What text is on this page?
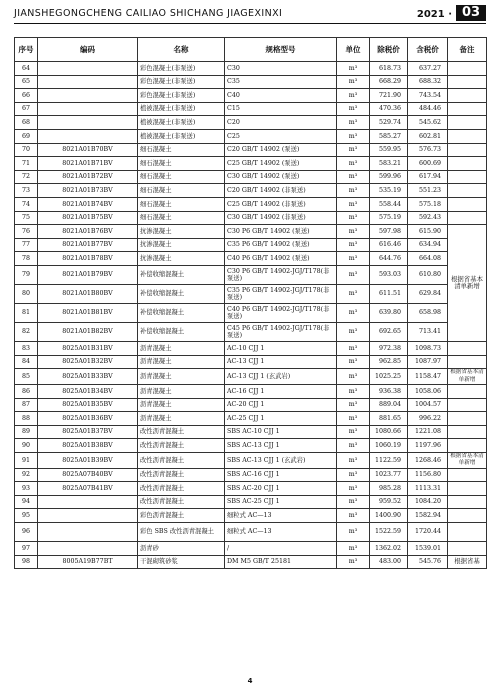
JIANSHEGONGCHENG CAILIAO SHICHANG JIAGEXINXI	2021 · 03
序号	编码	名称	规格型号	单位	除税价	含税价	备注
64		彩色混凝土(非泵送)	C30	m³	618.73	637.27	
65		彩色混凝土(非泵送)	C35	m³	668.29	688.32	
66		彩色混凝土(非泵送)	C40	m³	721.90	743.54	
67		植被混凝土(非泵送)	C15	m³	470.36	484.46	
68		植被混凝土(非泵送)	C20	m³	529.74	545.62	
69		植被混凝土(非泵送)	C25	m³	585.27	602.81	
70	8021A01B70BV	细石混凝土	C20 GB/T 14902 (泵送)	m³	559.95	576.73	
71	8021A01B71BV	细石混凝土	C25 GB/T 14902 (泵送)	m³	583.21	600.69	
72	8021A01B72BV	细石混凝土	C30 GB/T 14902 (泵送)	m³	599.96	617.94	
73	8021A01B73BV	细石混凝土	C20 GB/T 14902 (非泵送)	m³	535.19	551.23	
74	8021A01B74BV	细石混凝土	C25 GB/T 14902 (非泵送)	m³	558.44	575.18	
75	8021A01B75BV	细石混凝土	C30 GB/T 14902 (非泵送)	m³	575.19	592.43	
76	8021A01B76BV	抗渗混凝土	C30 P6 GB/T 14902 (泵送)	m³	597.98	615.90	根据省基本清单新增
77	8021A01B77BV	抗渗混凝土	C35 P6 GB/T 14902 (泵送)	m³	616.46	634.94	
78	8021A01B78BV	抗渗混凝土	C40 P6 GB/T 14902 (泵送)	m³	644.76	664.08	
79	8021A01B79BV	补偿收缩混凝土	C30 P6 GB/T 14902-JGJ/T178(非泵送)	m³	593.03	610.80	
80	8021A01B80BV	补偿收缩混凝土	C35 P6 GB/T 14902-JGJ/T178(非泵送)	m³	611.51	629.84	
81	8021A01B81BV	补偿收缩混凝土	C40 P6 GB/T 14902-JGJ/T178(非泵送)	m³	639.80	658.98	
82	8021A01B82BV	补偿收缩混凝土	C45 P6 GB/T 14902-JGJ/T178(非泵送)	m³	692.65	713.41	
83	8025A01B31BV	沥青混凝土	AC-10 CJJ 1	m³	972.38	1098.73	
84	8025A01B32BV	沥青混凝土	AC-13 CJJ 1	m³	962.85	1087.97	
85	8025A01B33BV	沥青混凝土	AC-13 CJJ 1 (玄武岩)	m³	1025.25	1158.47	根据省基本清单新增
86	8025A01B34BV	沥青混凝土	AC-16 CJJ 1	m³	936.38	1058.06	
87	8025A01B35BV	沥青混凝土	AC-20 CJJ 1	m³	889.04	1004.57	
88	8025A01B36BV	沥青混凝土	AC-25 CJJ 1	m³	881.65	996.22	
89	8025A01B37BV	改性沥青混凝土	SBS AC-10 CJJ 1	m³	1080.66	1221.08	
90	8025A01B38BV	改性沥青混凝土	SBS AC-13 CJJ 1	m³	1060.19	1197.96	
91	8025A01B39BV	改性沥青混凝土	SBS AC-13 CJJ 1 (玄武岩)	m³	1122.59	1268.46	根据省基本清单新增
92	8025A07B40BV	改性沥青混凝土	SBS AC-16 CJJ 1	m³	1023.77	1156.80	
93	8025A07B41BV	改性沥青混凝土	SBS AC-20 CJJ 1	m³	985.28	1113.31	
94		改性沥青混凝土	SBS AC-25 CJJ 1	m³	959.52	1084.20	
95		彩色沥青混凝土	细粒式 AC—13	m³	1400.90	1582.94	
96		彩色 SBS 改性沥青混凝土	细粒式 AC—13	m³	1522.59	1720.44	
97		沥青砂	/	m³	1362.02	1539.01	
98	8005A19B77BT	干混砌筑砂浆	DM M5 GB/T 25181	m³	483.00	545.76	根据省基
4
